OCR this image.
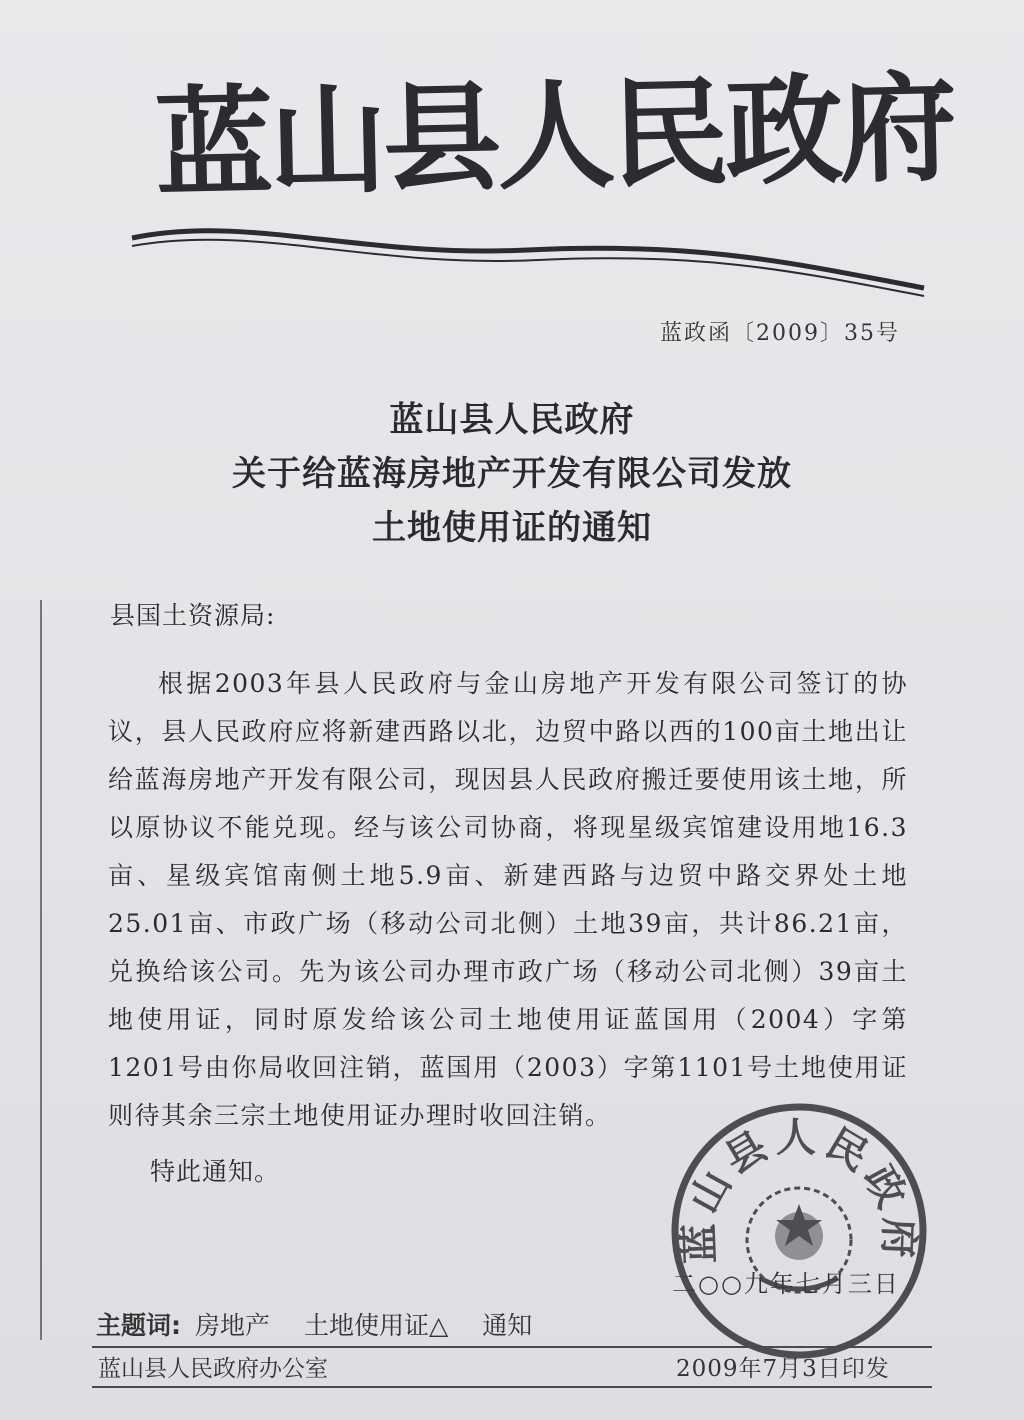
蓝山县人民政府
蓝政函〔2009〕35号
蓝山县人民政府
关于给蓝海房地产开发有限公司发放
土地使用证的通知
县国土资源局:
根据2003年县人民政府与金山房地产开发有限公司签订的协议，县人民政府应将新建西路以北，边贸中路以西的100亩土地出让给蓝海房地产开发有限公司，现因县人民政府搬迁要使用该土地，所以原协议不能兑现。经与该公司协商，将现星级宾馆建设用地16.3亩、星级宾馆南侧土地5.9亩、新建西路与边贸中路交界处土地25.01亩、市政广场（移动公司北侧）土地39亩，共计86.21亩，兑换给该公司。先为该公司办理市政广场（移动公司北侧）39亩土地使用证，同时原发给该公司土地使用证蓝国用（2004）字第1201号由你局收回注销，蓝国用（2003）字第1101号土地使用证则待其余三宗土地使用证办理时收回注销。
特此通知。
二○○九年七月三日
蓝山县人民政府
主题词: 房地产 土地使用证△ 通知
蓝山县人民政府办公室	2009年7月3日印发
